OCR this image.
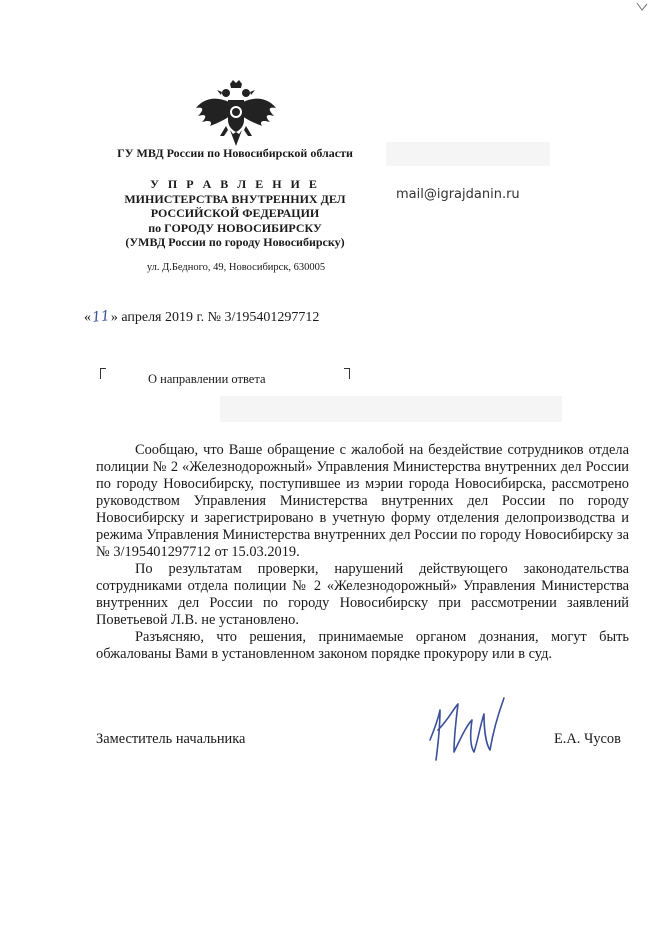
ГУ МВД России по Новосибирской области
У П Р А В Л Е Н И Е
МИНИСТЕРСТВА ВНУТРЕННИХ ДЕЛ
РОССИЙСКОЙ ФЕДЕРАЦИИ
по ГОРОДУ НОВОСИБИРСКУ
(УМВД России по городу Новосибирску)
ул. Д.Бедного, 49, Новосибирск, 630005
mail@igrajdanin.ru
«11» апреля 2019 г. № 3/195401297712
О направлении ответа

Сообщаю, что Ваше обращение с жалобой на бездействие сотрудников отдела полиции № 2 «Железнодорожный» Управления Министерства внутренних дел России по городу Новосибирску, поступившее из мэрии города Новосибирска, рассмотрено руководством Управления Министерства внутренних дел России по городу Новосибирску и зарегистрировано в учетную форму отделения делопроизводства и режима Управления Министерства внутренних дел России по городу Новосибирску за № 3/195401297712 от 15.03.2019.

По результатам проверки, нарушений действующего законодательства сотрудниками отдела полиции № 2 «Железнодорожный» Управления Министерства внутренних дел России по городу Новосибирску при рассмотрении заявлений Поветьевой Л.В. не установлено.

Разъясняю, что решения, принимаемые органом дознания, могут быть обжалованы Вами в установленном законом порядке прокурору или в суд.

Заместитель начальника	Е.А. Чусов
